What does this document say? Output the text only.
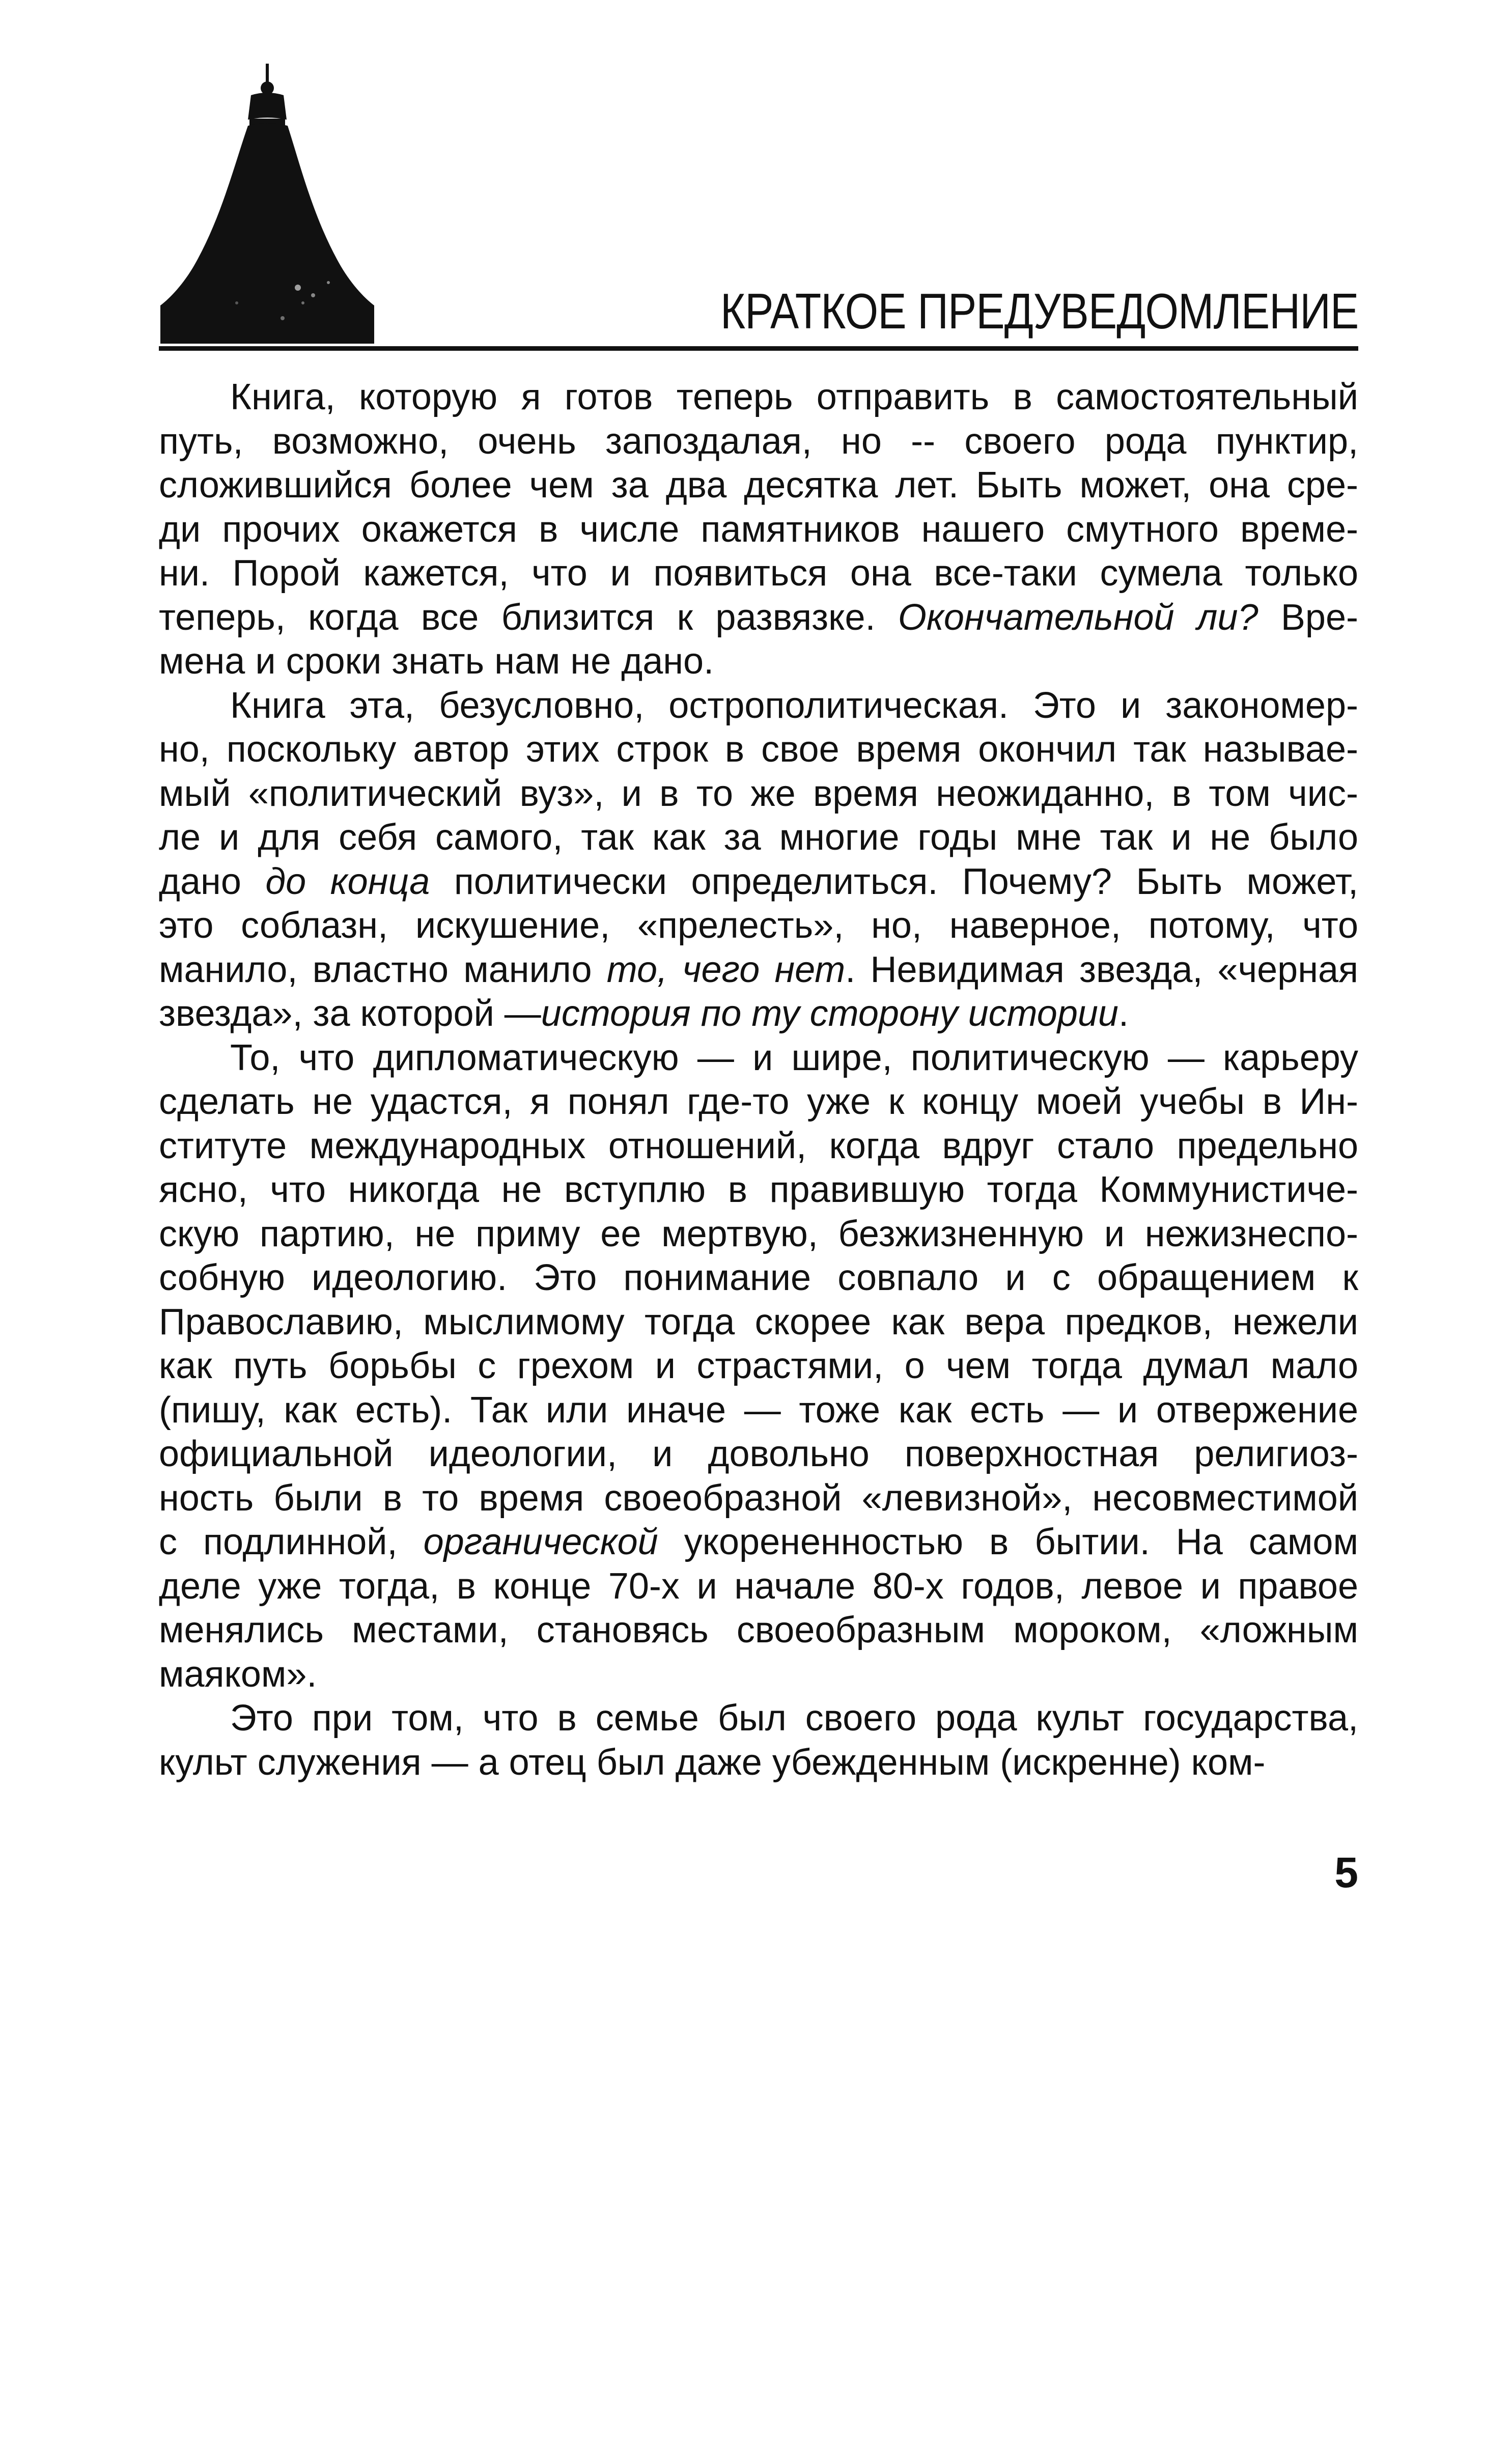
КРАТКОЕ ПРЕДУВЕДОМЛЕНИЕ

Книга, которую я готов теперь отправить в самостоятельный
путь, возможно, очень запоздалая, но -- своего рода пунктир,
сложившийся более чем за два десятка лет. Быть может, она сре-
ди прочих окажется в числе памятников нашего смутного време-
ни. Порой кажется, что и появиться она все-таки сумела только
теперь, когда все близится к развязке. Окончательной ли? Вре-
мена и сроки знать нам не дано.

Книга эта, безусловно, острополитическая. Это и закономер-
но, поскольку автор этих строк в свое время окончил так называе-
мый «политический вуз», и в то же время неожиданно, в том чис-
ле и для себя самого, так как за многие годы мне так и не было
дано до конца политически определиться. Почему? Быть может,
это соблазн, искушение, «прелесть», но, наверное, потому, что
манило, властно манило то, чего нет. Невидимая звезда, «черная
звезда», за которой —история по ту сторону истории.

То, что дипломатическую — и шире, политическую — карьеру
сделать не удастся, я понял где-то уже к концу моей учебы в Ин-
ституте международных отношений, когда вдруг стало предельно
ясно, что никогда не вступлю в правившую тогда Коммунистиче-
скую партию, не приму ее мертвую, безжизненную и нежизнеспо-
собную идеологию. Это понимание совпало и с обращением к
Православию, мыслимому тогда скорее как вера предков, нежели
как путь борьбы с грехом и страстями, о чем тогда думал мало
(пишу, как есть). Так или иначе — тоже как есть — и отвержение
официальной идеологии, и довольно поверхностная религиоз-
ность были в то время своеобразной «левизной», несовместимой
с подлинной, органической укорененностью в бытии. На самом
деле уже тогда, в конце 70-х и начале 80-х годов, левое и правое
менялись местами, становясь своеобразным мороком, «ложным
маяком».

Это при том, что в семье был своего рода культ государства,
культ служения — а отец был даже убежденным (искренне) ком-

5
